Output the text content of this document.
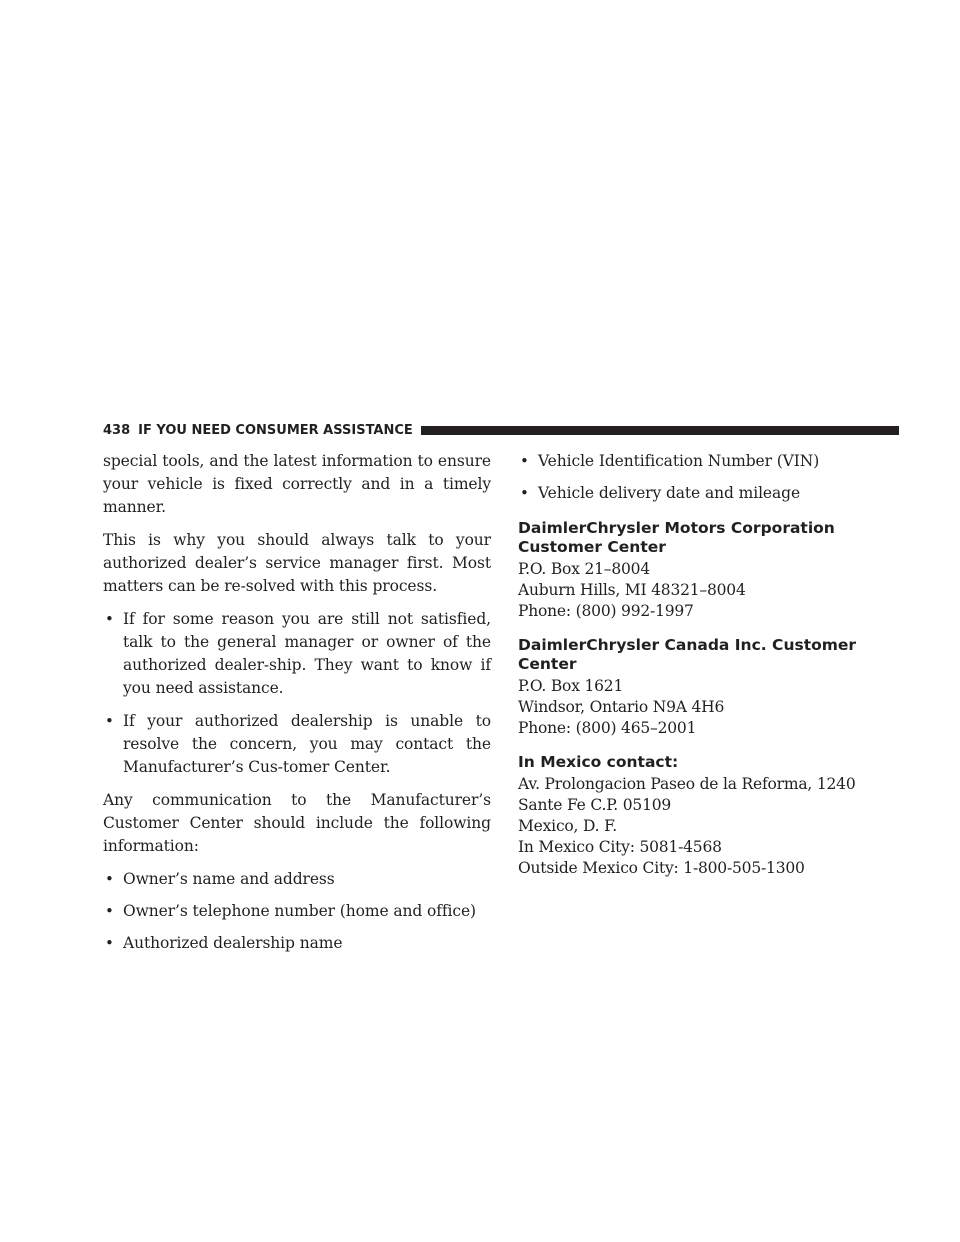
438 IF YOU NEED CONSUMER ASSISTANCE

special tools, and the latest information to ensure your vehicle is fixed correctly and in a timely manner.

This is why you should always talk to your authorized dealer’s service manager first. Most matters can be re-solved with this process.

• If for some reason you are still not satisfied, talk to the general manager or owner of the authorized dealer-ship. They want to know if you need assistance.
• If your authorized dealership is unable to resolve the concern, you may contact the Manufacturer’s Cus-tomer Center.

Any communication to the Manufacturer’s Customer Center should include the following information:

• Owner’s name and address
• Owner’s telephone number (home and office)
• Authorized dealership name
• Vehicle Identification Number (VIN)
• Vehicle delivery date and mileage
DaimlerChrysler Motors Corporation Customer Center

P.O. Box 21–8004

Auburn Hills, MI 48321–8004

Phone: (800) 992-1997

DaimlerChrysler Canada Inc. Customer Center

P.O. Box 1621

Windsor, Ontario N9A 4H6

Phone: (800) 465–2001

In Mexico contact:

Av. Prolongacion Paseo de la Reforma, 1240

Sante Fe C.P. 05109

Mexico, D. F.

In Mexico City: 5081-4568

Outside Mexico City: 1-800-505-1300
